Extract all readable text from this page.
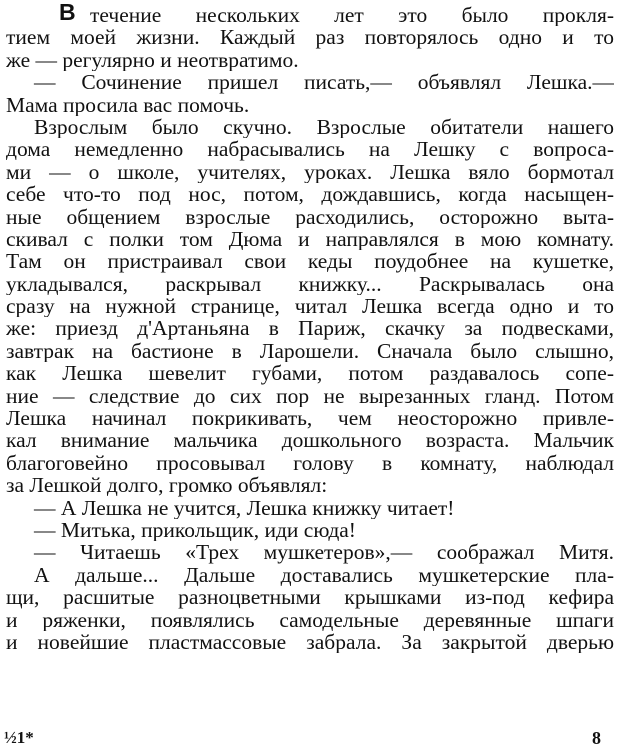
В течение нескольких лет это было прокля-
тием моей жизни. Каждый раз повторялось одно и то
же — регулярно и неотвратимо.
— Сочинение пришел писать,— объявлял Лешка.—
Мама просила вас помочь.
Взрослым было скучно. Взрослые обитатели нашего
дома немедленно набрасывались на Лешку с вопроса-
ми — о школе, учителях, уроках. Лешка вяло бормотал
себе что-то под нос, потом, дождавшись, когда насыщен-
ные общением взрослые расходились, осторожно выта-
скивал с полки том Дюма и направлялся в мою комнату.
Там он пристраивал свои кеды поудобнее на кушетке,
укладывался, раскрывал книжку... Раскрывалась она
сразу на нужной странице, читал Лешка всегда одно и то
же: приезд д'Артаньяна в Париж, скачку за подвесками,
завтрак на бастионе в Ларошели. Сначала было слышно,
как Лешка шевелит губами, потом раздавалось сопе-
ние — следствие до сих пор не вырезанных гланд. Потом
Лешка начинал покрикивать, чем неосторожно привле-
кал внимание мальчика дошкольного возраста. Мальчик
благоговейно просовывал голову в комнату, наблюдал
за Лешкой долго, громко объявлял:
— А Лешка не учится, Лешка книжку читает!
— Митька, прикольщик, иди сюда!
— Читаешь «Трех мушкетеров»,— соображал Митя.
А дальше... Дальше доставались мушкетерские пла-
щи, расшитые разноцветными крышками из-под кефира
и ряженки, появлялись самодельные деревянные шпаги
и новейшие пластмассовые забрала. За закрытой дверью
½1*	8
